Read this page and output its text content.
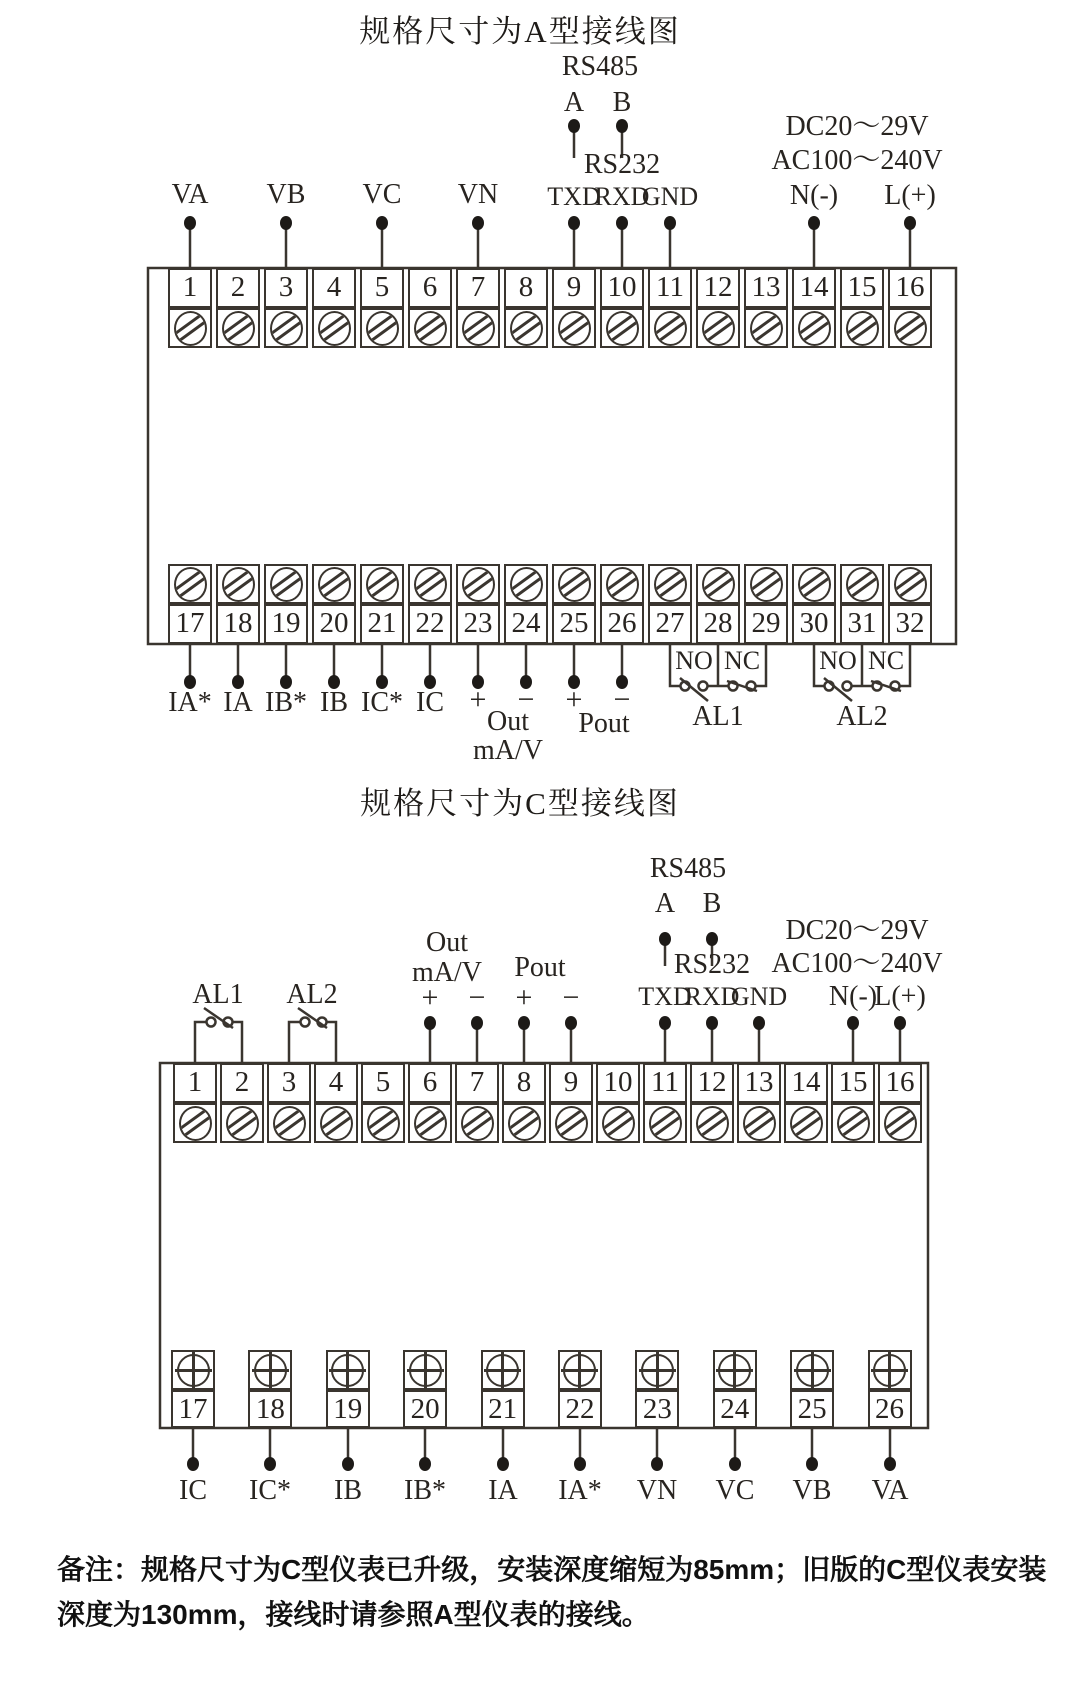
规格尺寸为A型接线图
RS485
A B
DC20～29V
AC100～240V
RS232
VA VB VC VN TXD
RXD
GND	N(-) L(+)
1	2	3	4	5	6	7	8	9 10 11 12 13 14 15 16
17 18 19 20 21 22 23 24 25 26 27 28 29 30 31 32
IA* IA IB* IB IC* IC + −
Out
mA/V
+ −
Pout
NO NC NO NC
AL1	AL2
规格尺寸为C型接线图
AL1 AL2
Out
mA/V
+ −
Pout
+ −
RS485
A B
RS232
TXD
RXD
GND
DC20～29V
AC100～240V
N(-)
L(+)
1	2	3	4	5	6	7	8	9 10 11 12 13 14 15 16
17 18 19 20 21 22 23 24 25 26
IC IC* IB IB* IA IA* VN VC VB VA
备注：规格尺寸为C型仪表已升级，安装深度缩短为85mm；旧版的C型仪表安装深度为130mm，接线时请参照A型仪表的接线。
